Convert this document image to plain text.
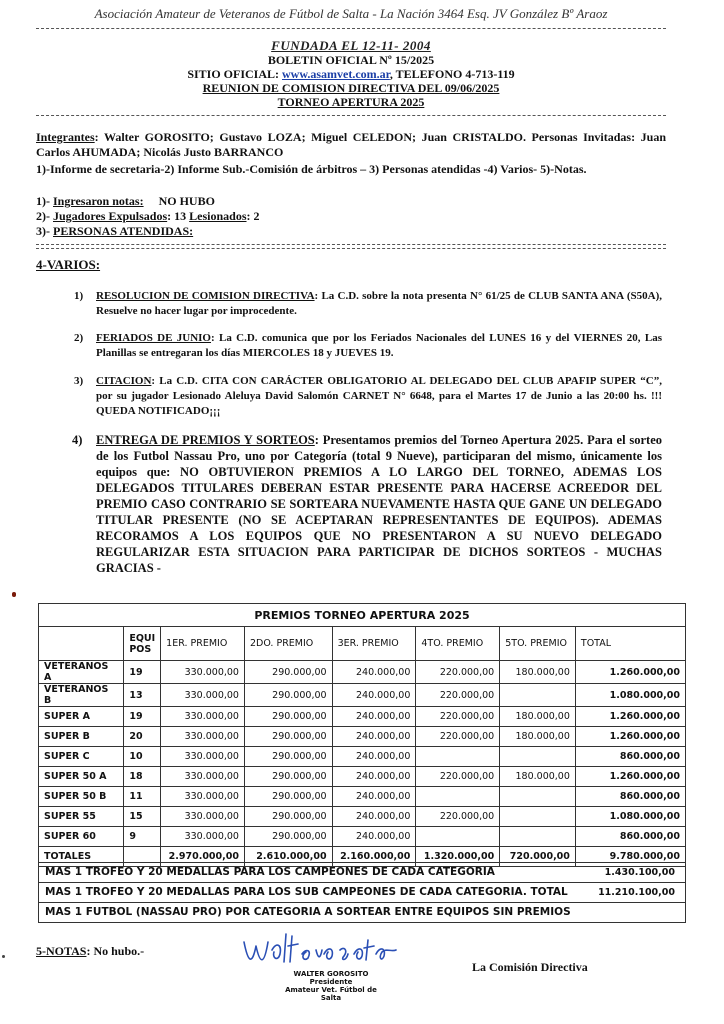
Asociación Amateur de Veteranos de Fútbol de Salta - La Nación 3464 Esq. JV González Bº Araoz
FUNDADA EL 12-11- 2004
BOLETIN OFICIAL Nº 15/2025
SITIO OFICIAL: www.asamvet.com.ar, TELEFONO 4-713-119
REUNION DE COMISION DIRECTIVA DEL 09/06/2025
TORNEO APERTURA 2025
Integrantes: Walter GOROSITO; Gustavo LOZA; Miguel CELEDON; Juan CRISTALDO. Personas Invitadas: Juan Carlos AHUMADA; Nicolás Justo BARRANCO
1)-Informe de secretaria-2) Informe Sub.-Comisión de árbitros – 3) Personas atendidas -4) Varios- 5)-Notas.
1)- Ingresaron notas: NO HUBO
2)- Jugadores Expulsados: 13 Lesionados: 2
3)- PERSONAS ATENDIDAS:
4-VARIOS:
1) RESOLUCION DE COMISION DIRECTIVA: La C.D. sobre la nota presenta N° 61/25 de CLUB SANTA ANA (S50A), Resuelve no hacer lugar por improcedente.
2) FERIADOS DE JUNIO: La C.D. comunica que por los Feriados Nacionales del LUNES 16 y del VIERNES 20, Las Planillas se entregaran los días MIERCOLES 18 y JUEVES 19.
3) CITACION: La C.D. CITA CON CARÁCTER OBLIGATORIO AL DELEGADO DEL CLUB APAFIP SUPER “C”, por su jugador Lesionado Aleluya David Salomón CARNET N° 6648, para el Martes 17 de Junio a las 20:00 hs. !!! QUEDA NOTIFICADO¡¡¡
4) ENTREGA DE PREMIOS Y SORTEOS: Presentamos premios del Torneo Apertura 2025. Para el sorteo de los Futbol Nassau Pro, uno por Categoría (total 9 Nueve), participaran del mismo, únicamente los equipos que: NO OBTUVIERON PREMIOS A LO LARGO DEL TORNEO, ADEMAS LOS DELEGADOS TITULARES DEBERAN ESTAR PRESENTE PARA HACERSE ACREEDOR DEL PREMIO CASO CONTRARIO SE SORTEARA NUEVAMENTE HASTA QUE GANE UN DELEGADO TITULAR PRESENTE (NO SE ACEPTARAN REPRESENTANTES DE EQUIPOS). ADEMAS RECORAMOS A LOS EQUIPOS QUE NO PRESENTARON A SU NUEVO DELEGADO REGULARIZAR ESTA SITUACION PARA PARTICIPAR DE DICHOS SORTEOS - MUCHAS GRACIAS -
PREMIOS TORNEO APERTURA 2025							
	EQUI POS	1ER. PREMIO	2DO. PREMIO	3ER. PREMIO	4TO. PREMIO	5TO. PREMIO	TOTAL
VETERANOS A	19	330.000,00	290.000,00	240.000,00	220.000,00	180.000,00	1.260.000,00
VETERANOS B	13	330.000,00	290.000,00	240.000,00	220.000,00		1.080.000,00
SUPER A	19	330.000,00	290.000,00	240.000,00	220.000,00	180.000,00	1.260.000,00
SUPER B	20	330.000,00	290.000,00	240.000,00	220.000,00	180.000,00	1.260.000,00
SUPER C	10	330.000,00	290.000,00	240.000,00			860.000,00
SUPER 50 A	18	330.000,00	290.000,00	240.000,00	220.000,00	180.000,00	1.260.000,00
SUPER 50 B	11	330.000,00	290.000,00	240.000,00			860.000,00
SUPER 55	15	330.000,00	290.000,00	240.000,00	220.000,00		1.080.000,00
SUPER 60	9	330.000,00	290.000,00	240.000,00			860.000,00
TOTALES		2.970.000,00	2.610.000,00	2.160.000,00	1.320.000,00	720.000,00	9.780.000,00
MAS 1 TROFEO Y 20 MEDALLAS PARA LOS CAMPEONES DE CADA CATEGORIA	1.430.100,00
MAS 1 TROFEO Y 20 MEDALLAS PARA LOS SUB CAMPEONES DE CADA CATEGORIA. TOTAL	11.210.100,00
MAS 1 FUTBOL (NASSAU PRO) POR CATEGORIA A SORTEAR ENTRE EQUIPOS SIN PREMIOS
5-NOTAS: No hubo.-
WALTER GOROSITO
Presidente
Amateur Vet. Fútbol de Salta
La Comisión Directiva
